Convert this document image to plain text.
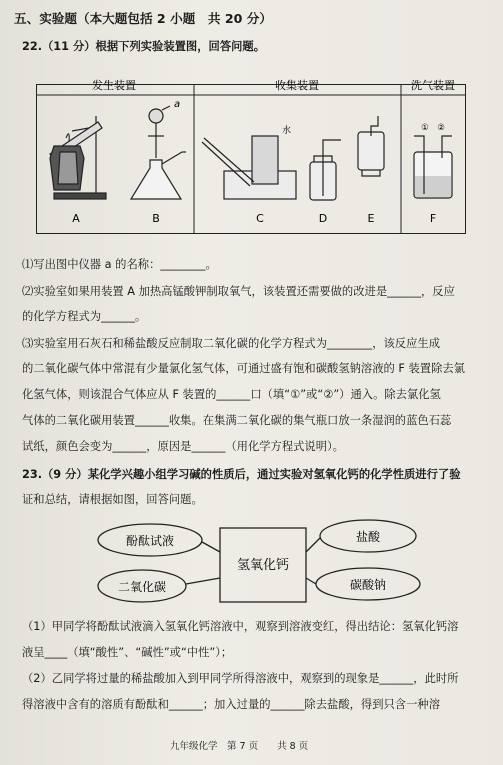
五、实验题（本大题包括 2 小题　共 20 分）
22.（11 分）根据下列实验装置图，回答问题。
发生装置	收集装置	洗气装置
a
A	B
水
C	D	E
①　②
F
⑴写出图中仪器 a 的名称：________。
⑵实验室如果用装置 A 加热高锰酸钾制取氧气，该装置还需要做的改进是______，反应
的化学方程式为______。
⑶实验室用石灰石和稀盐酸反应制取二氧化碳的化学方程式为________，该反应生成
的二氧化碳气体中常混有少量氯化氢气体，可通过盛有饱和碳酸氢钠溶液的 F 装置除去氯
化氢气体，则该混合气体应从 F 装置的______口（填“①”或“②”）通入。除去氯化氢
气体的二氧化碳用装置______收集。在集满二氧化碳的集气瓶口放一条湿润的蓝色石蕊
试纸，颜色会变为______，原因是______（用化学方程式说明）。
23.（9 分）某化学兴趣小组学习碱的性质后，通过实验对氢氧化钙的化学性质进行了验
证和总结，请根据如图，回答问题。
酚酞试液
二氧化碳
氢氧化钙
盐酸
碳酸钠
（1）甲同学将酚酞试液滴入氢氧化钙溶液中，观察到溶液变红，得出结论：氢氧化钙溶
液呈____（填“酸性”、“碱性”或“中性”）；
（2）乙同学将过量的稀盐酸加入到甲同学所得溶液中，观察到的现象是______，此时所
得溶液中含有的溶质有酚酞和______；加入过量的______除去盐酸，得到只含一种溶
九年级化学　第 7 页　　共 8 页
